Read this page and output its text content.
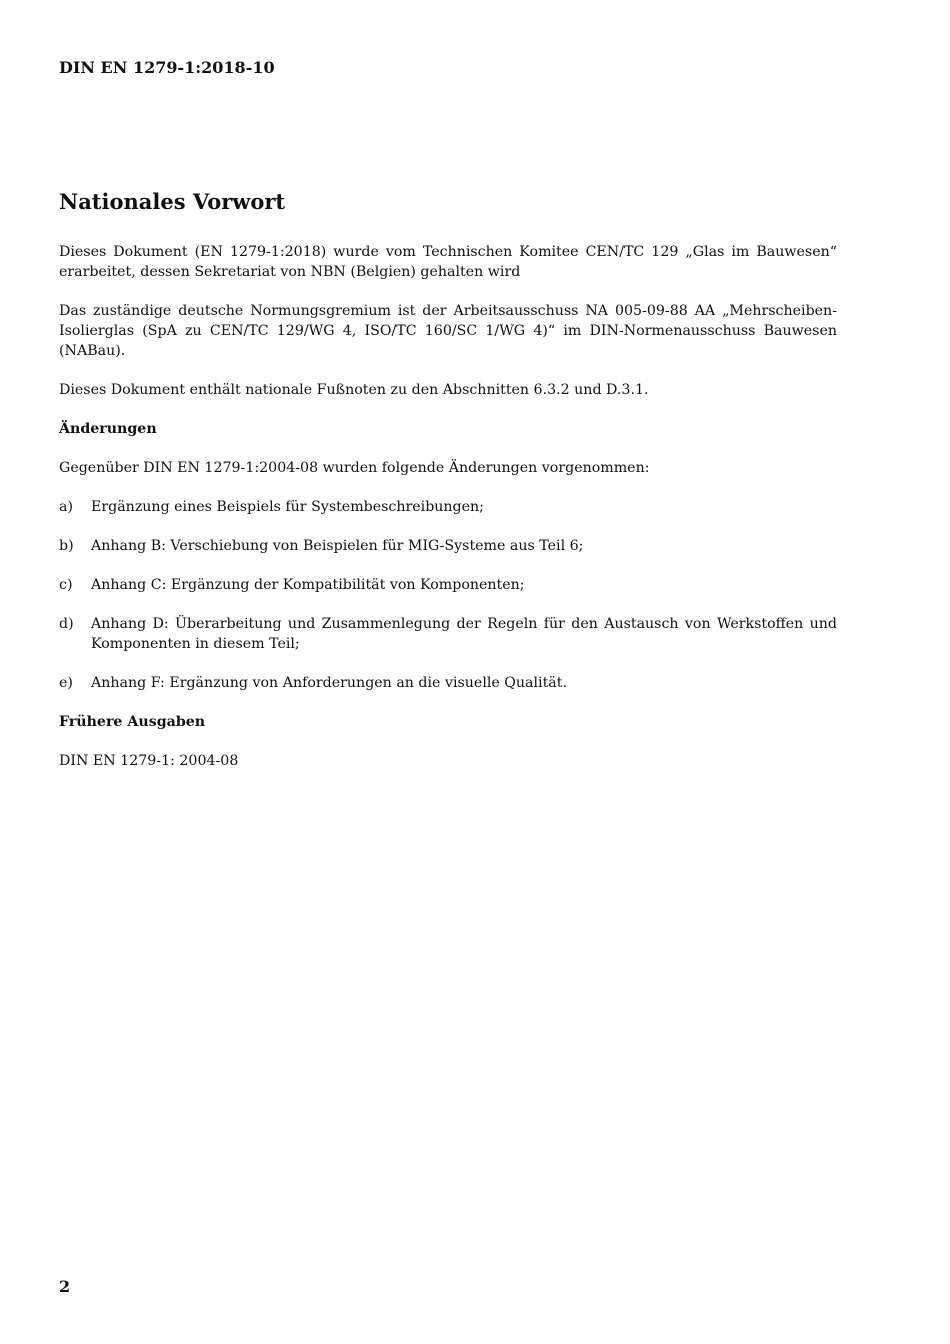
DIN EN 1279-1:2018-10
Nationales Vorwort

Dieses Dokument (EN 1279-1:2018) wurde vom Technischen Komitee CEN/TC 129 „Glas im Bauwesen“ erarbeitet, dessen Sekretariat von NBN (Belgien) gehalten wird

Das zuständige deutsche Normungsgremium ist der Arbeitsausschuss NA 005-09-88 AA „Mehrscheiben-Isolierglas (SpA zu CEN/TC 129/WG 4, ISO/TC 160/SC 1/WG 4)“ im DIN-Normenausschuss Bauwesen (NABau).

Dieses Dokument enthält nationale Fußnoten zu den Abschnitten 6.3.2 und D.3.1.

Änderungen

Gegenüber DIN EN 1279-1:2004-08 wurden folgende Änderungen vorgenommen:

a)	Ergänzung eines Beispiels für Systembeschreibungen;
b)	Anhang B: Verschiebung von Beispielen für MIG-Systeme aus Teil 6;
c)	Anhang C: Ergänzung der Kompatibilität von Komponenten;
d)	Anhang D: Überarbeitung und Zusammenlegung der Regeln für den Austausch von Werkstoffen und Komponenten in diesem Teil;
e)	Anhang F: Ergänzung von Anforderungen an die visuelle Qualität.
Frühere Ausgaben

DIN EN 1279-1: 2004-08

2
